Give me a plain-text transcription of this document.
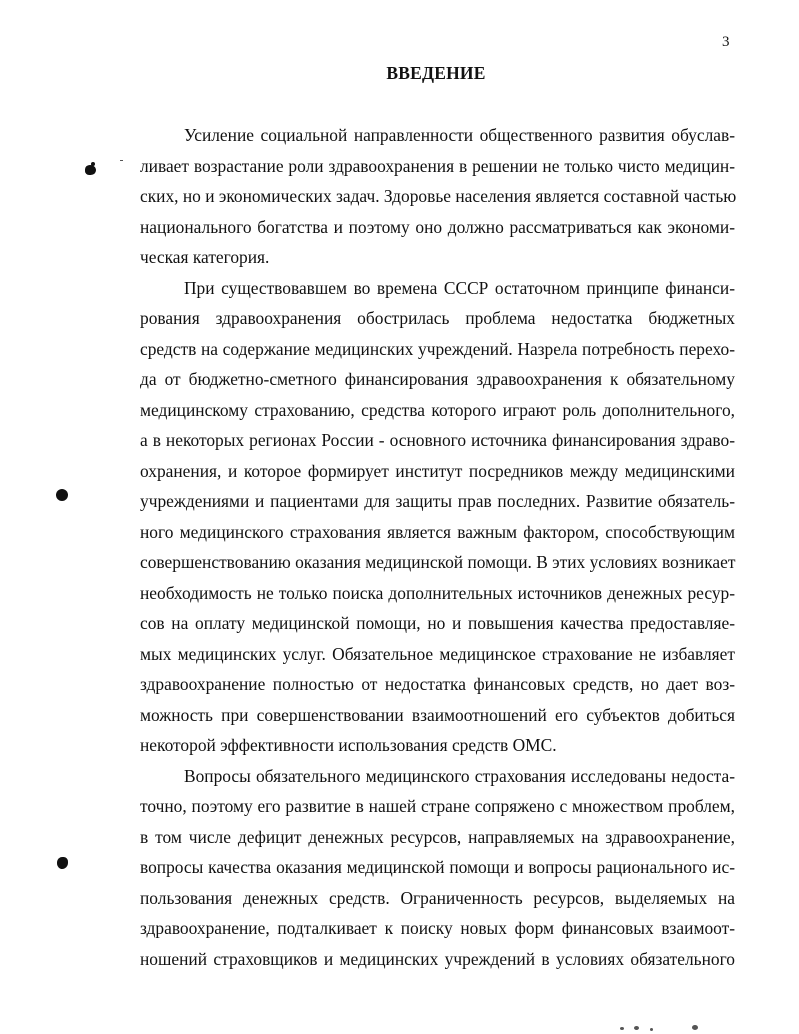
3
ВВЕДЕНИЕ
Усиление социальной направленности общественного развития обуслав-
ливает возрастание роли здравоохранения в решении не только чисто медицин-
ских, но и экономических задач. Здоровье населения является составной частью
национального богатства и поэтому оно должно рассматриваться как экономи-
ческая категория.
При существовавшем во времена СССР остаточном принципе финанси-
рования здравоохранения обострилась проблема недостатка бюджетных
средств на содержание медицинских учреждений. Назрела потребность перехо-
да от бюджетно-сметного финансирования здравоохранения к обязательному
медицинскому страхованию, средства которого играют роль дополнительного,
а в некоторых регионах России - основного источника финансирования здраво-
охранения, и которое формирует институт посредников между медицинскими
учреждениями и пациентами для защиты прав последних. Развитие обязатель-
ного медицинского страхования является важным фактором, способствующим
совершенствованию оказания медицинской помощи. В этих условиях возникает
необходимость не только поиска дополнительных источников денежных ресур-
сов на оплату медицинской помощи, но и повышения качества предоставляе-
мых медицинских услуг. Обязательное медицинское страхование не избавляет
здравоохранение полностью от недостатка финансовых средств, но дает воз-
можность при совершенствовании взаимоотношений его субъектов добиться
некоторой эффективности использования средств ОМС.
Вопросы обязательного медицинского страхования исследованы недоста-
точно, поэтому его развитие в нашей стране сопряжено с множеством проблем,
в том числе дефицит денежных ресурсов, направляемых на здравоохранение,
вопросы качества оказания медицинской помощи и вопросы рационального ис-
пользования денежных средств. Ограниченность ресурсов, выделяемых на
здравоохранение, подталкивает к поиску новых форм финансовых взаимоот-
ношений страховщиков и медицинских учреждений в условиях обязательного
